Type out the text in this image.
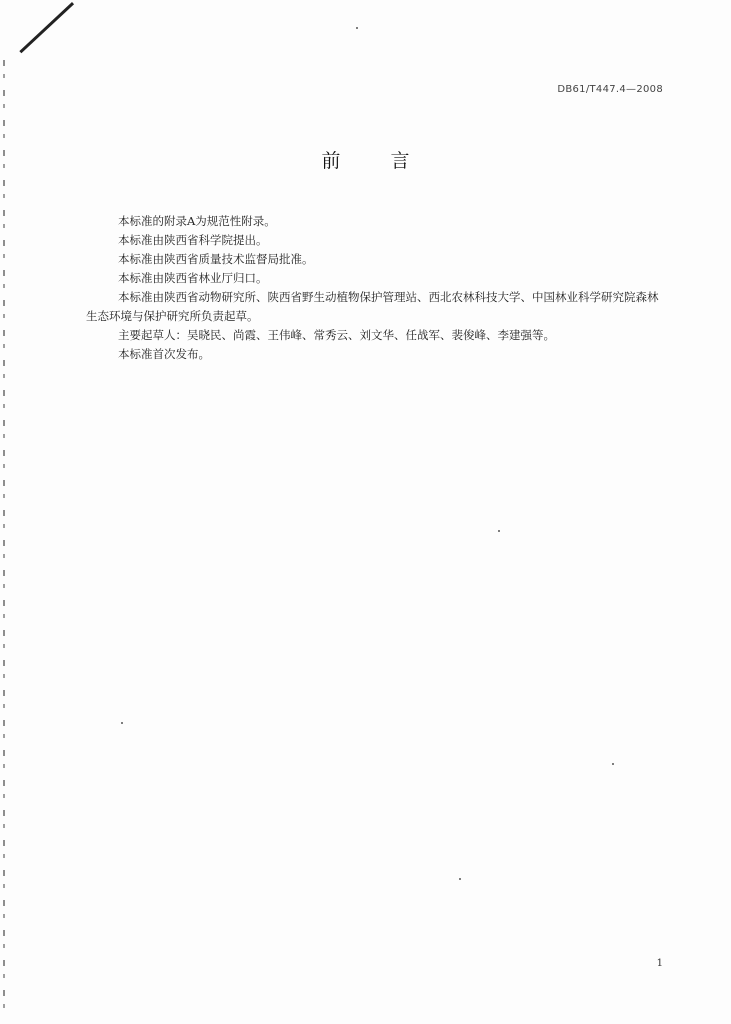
DB61/T447.4—2008
前	言

本标准的附录A为规范性附录。

本标准由陕西省科学院提出。

本标准由陕西省质量技术监督局批准。

本标准由陕西省林业厅归口。

本标准由陕西省动物研究所、陕西省野生动植物保护管理站、西北农林科技大学、中国林业科学研究院森林生态环境与保护研究所负责起草。

主要起草人：吴晓民、尚霞、王伟峰、常秀云、刘文华、任战军、裴俊峰、李建强等。

本标准首次发布。

1
